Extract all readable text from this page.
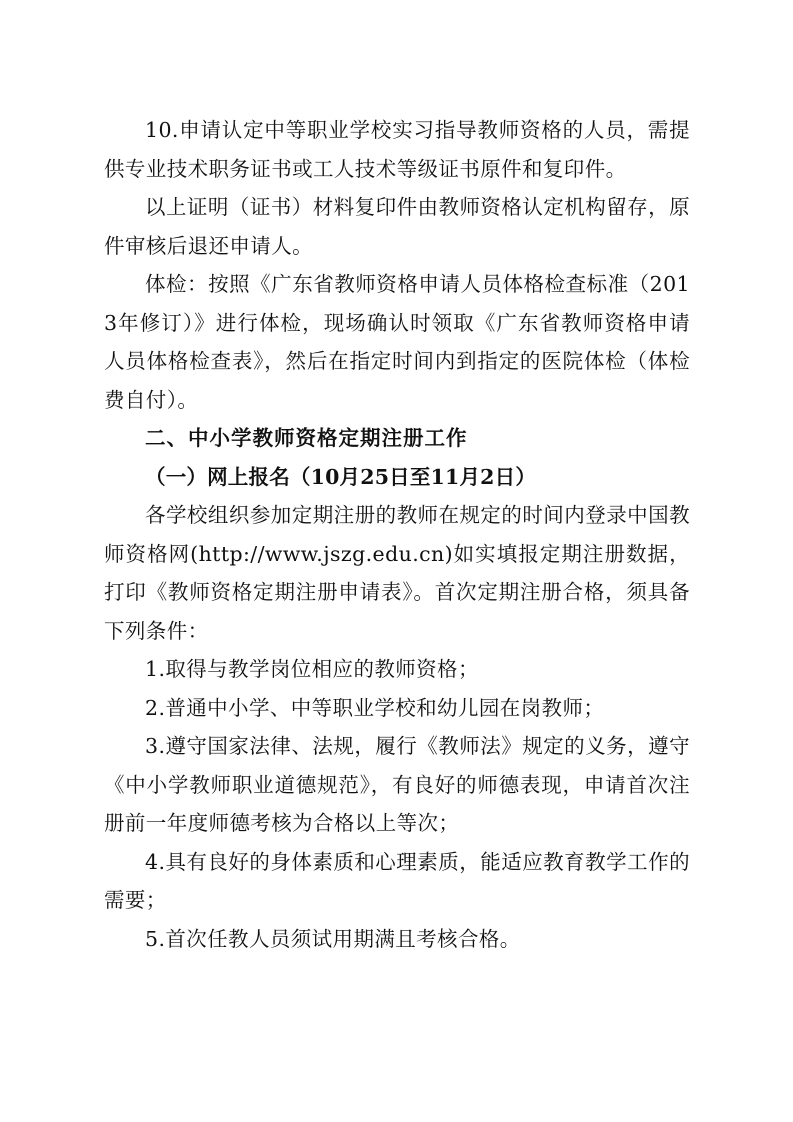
10.申请认定中等职业学校实习指导教师资格的人员，需提供专业技术职务证书或工人技术等级证书原件和复印件。

以上证明（证书）材料复印件由教师资格认定机构留存，原件审核后退还申请人。

体检：按照《广东省教师资格申请人员体格检查标准（2013年修订）》进行体检，现场确认时领取《广东省教师资格申请人员体格检查表》，然后在指定时间内到指定的医院体检（体检费自付）。

二、中小学教师资格定期注册工作

（一）网上报名（10月25日至11月2日）

各学校组织参加定期注册的教师在规定的时间内登录中国教师资格网(http://www.jszg.edu.cn)如实填报定期注册数据，打印《教师资格定期注册申请表》。首次定期注册合格，须具备下列条件：

1.取得与教学岗位相应的教师资格；

2.普通中小学、中等职业学校和幼儿园在岗教师；

3.遵守国家法律、法规，履行《教师法》规定的义务，遵守《中小学教师职业道德规范》，有良好的师德表现，申请首次注册前一年度师德考核为合格以上等次；

4.具有良好的身体素质和心理素质，能适应教育教学工作的需要；

5.首次任教人员须试用期满且考核合格。
